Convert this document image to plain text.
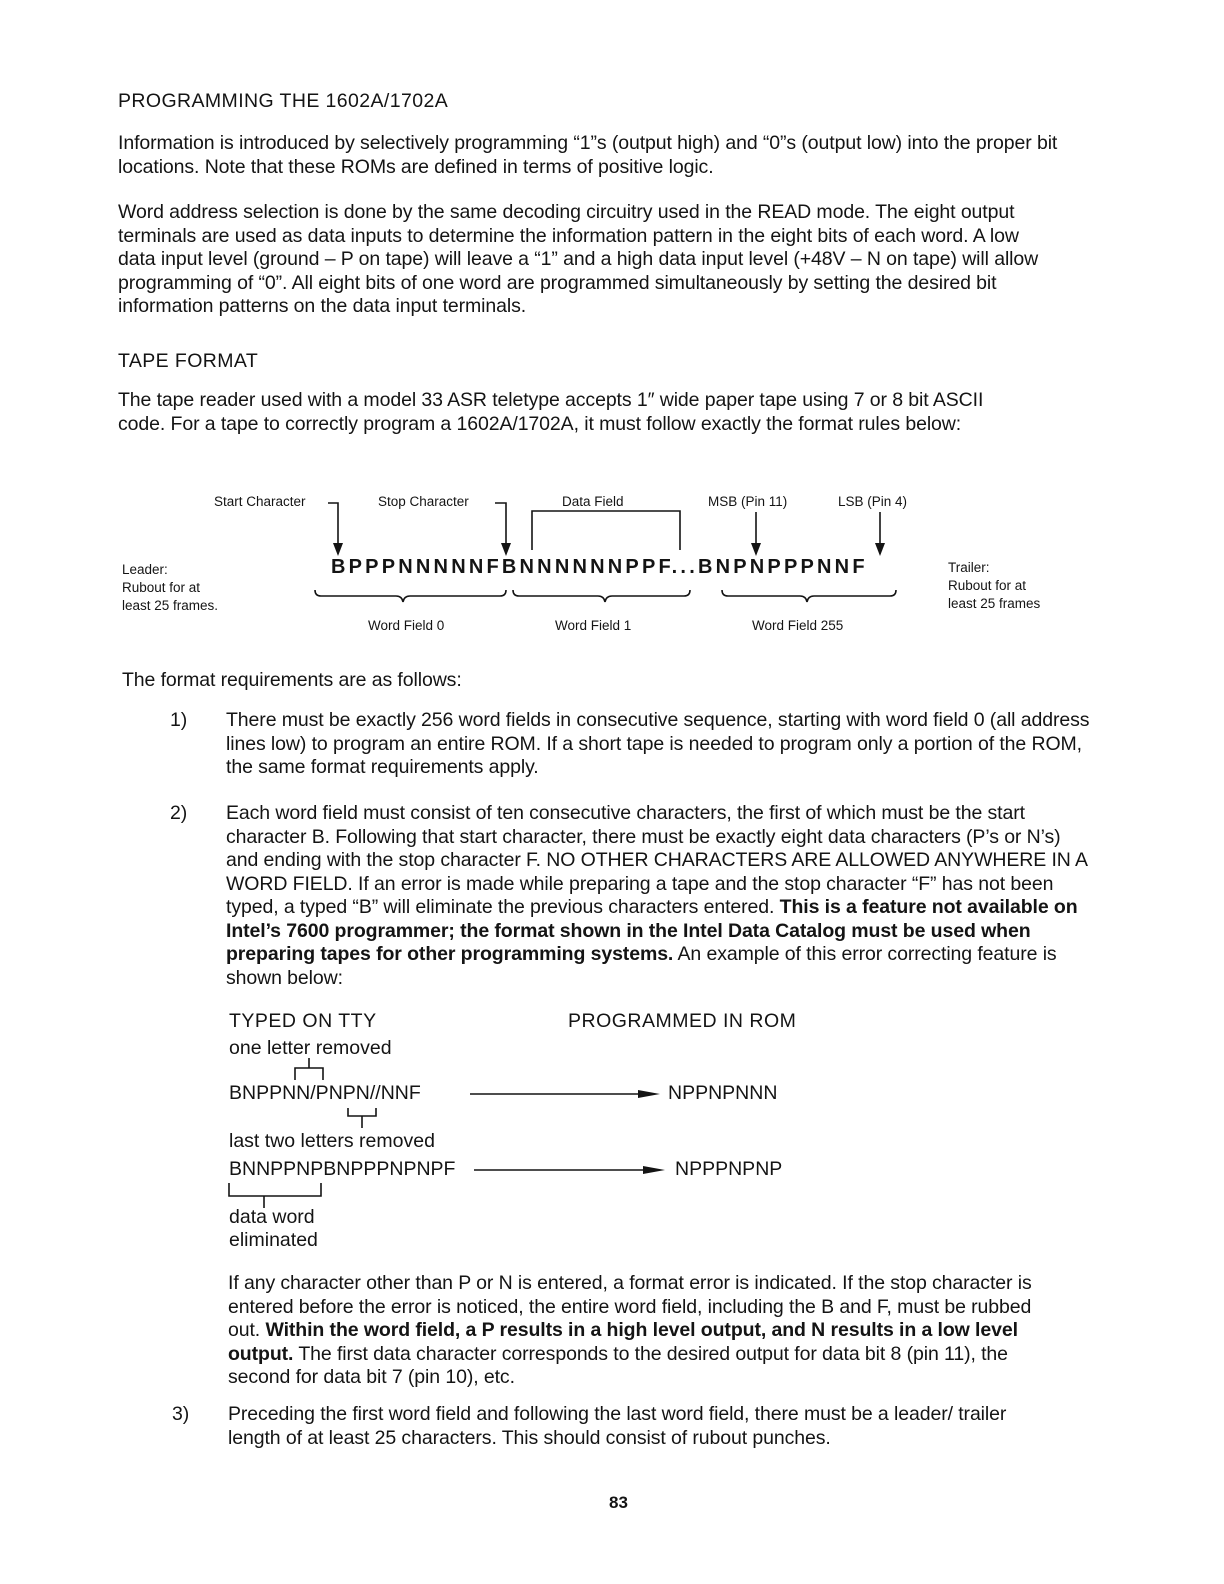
PROGRAMMING THE 1602A/1702A
Information is introduced by selectively programming “1”s (output high) and “0”s (output low) into the proper bit locations. Note that these ROMs are defined in terms of positive logic.
Word address selection is done by the same decoding circuitry used in the READ mode. The eight output terminals are used as data inputs to determine the information pattern in the eight bits of each word. A low data input level (ground – P on tape) will leave a “1” and a high data input level (+48V – N on tape) will allow programming of “0”. All eight bits of one word are programmed simultaneously by setting the desired bit information patterns on the data input terminals.
TAPE FORMAT
The tape reader used with a model 33 ASR teletype accepts 1″ wide paper tape using 7 or 8 bit ASCII code. For a tape to correctly program a 1602A/1702A, it must follow exactly the format rules below:
Start Character	Stop Character	Data Field	MSB (Pin 11)	LSB (Pin 4)
Leader:
Rubout for at
least 25 frames.
Trailer:
Rubout for at
least 25 frames
BPPPNNNNNFBNNNNNNPPF...BNPNPPPNNF
Word Field 0	Word Field 1	Word Field 255
The format requirements are as follows:
1) There must be exactly 256 word fields in consecutive sequence, starting with word field 0 (all address lines low) to program an entire ROM. If a short tape is needed to program only a portion of the ROM, the same format requirements apply.
2) Each word field must consist of ten consecutive characters, the first of which must be the start character B. Following that start character, there must be exactly eight data characters (P’s or N’s) and ending with the stop character F. NO OTHER CHARACTERS ARE ALLOWED ANYWHERE IN A WORD FIELD. If an error is made while preparing a tape and the stop character “F” has not been typed, a typed “B” will eliminate the previous characters entered. This is a feature not available on Intel’s 7600 programmer; the format shown in the Intel Data Catalog must be used when preparing tapes for other programming systems. An example of this error correcting feature is shown below:
TYPED ON TTY	PROGRAMMED IN ROM
one letter removed
BNPPNN/PNPN//NNF	NPPNPNNN
last two letters removed
BNNPPNPBNPPPNPNPF	NPPPNPNP
data word
eliminated
If any character other than P or N is entered, a format error is indicated. If the stop character is entered before the error is noticed, the entire word field, including the B and F, must be rubbed out. Within the word field, a P results in a high level output, and N results in a low level output. The first data character corresponds to the desired output for data bit 8 (pin 11), the second for data bit 7 (pin 10), etc.
3) Preceding the first word field and following the last word field, there must be a leader/ trailer length of at least 25 characters. This should consist of rubout punches.
83
